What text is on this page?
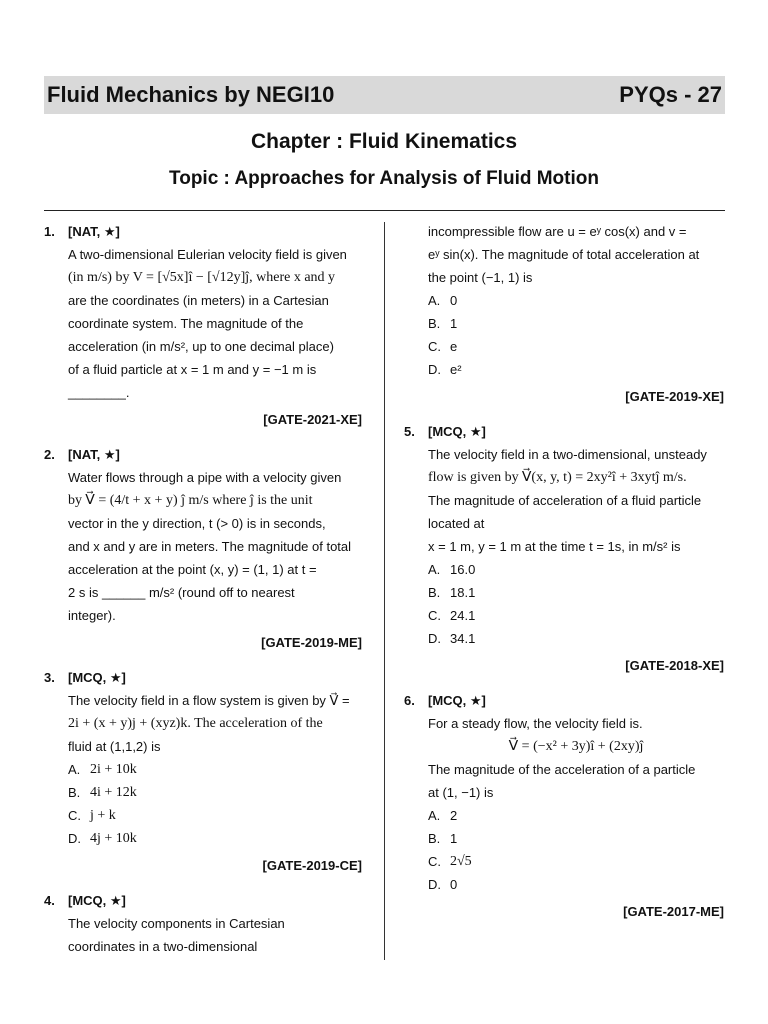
Fluid Mechanics by NEGI10	PYQs - 27
Chapter : Fluid Kinematics
Topic : Approaches for Analysis of Fluid Motion
1. [NAT, ★]
A two-dimensional Eulerian velocity field is given
(in m/s) by V = [√5x]î − [√12y]ĵ, where x and y
are the coordinates (in meters) in a Cartesian
coordinate system. The magnitude of the
acceleration (in m/s², up to one decimal place)
of a fluid particle at x = 1 m and y = −1 m is
________.
[GATE-2021-XE]
2. [NAT, ★]
Water flows through a pipe with a velocity given
by V⃗ = (4/t + x + y) ĵ m/s where ĵ is the unit
vector in the y direction, t (> 0) is in seconds,
and x and y are in meters. The magnitude of total
acceleration at the point (x, y) = (1, 1) at t =
2 s is ______ m/s² (round off to nearest
integer).
[GATE-2019-ME]
3. [MCQ, ★]
The velocity field in a flow system is given by V⃗ =
2i + (x + y)j + (xyz)k. The acceleration of the
fluid at (1,1,2) is
A. 2i + 10k
B. 4i + 12k
C. j + k
D. 4j + 10k
[GATE-2019-CE]
4. [MCQ, ★]
The velocity components in Cartesian
coordinates in a two-dimensional
incompressible flow are u = eʸ cos(x) and v =
eʸ sin(x). The magnitude of total acceleration at
the point (−1, 1) is
A. 0
B. 1
C. e
D. e²
[GATE-2019-XE]
5. [MCQ, ★]
The velocity field in a two-dimensional, unsteady
flow is given by V⃗(x, y, t) = 2xy²î + 3xytĵ m/s.
The magnitude of acceleration of a fluid particle
located at
x = 1 m, y = 1 m at the time t = 1s, in m/s² is
A. 16.0
B. 18.1
C. 24.1
D. 34.1
[GATE-2018-XE]
6. [MCQ, ★]
For a steady flow, the velocity field is.
V⃗ = (−x² + 3y)î + (2xy)ĵ
The magnitude of the acceleration of a particle
at (1, −1) is
A. 2
B. 1
C. 2√5
D. 0
[GATE-2017-ME]
